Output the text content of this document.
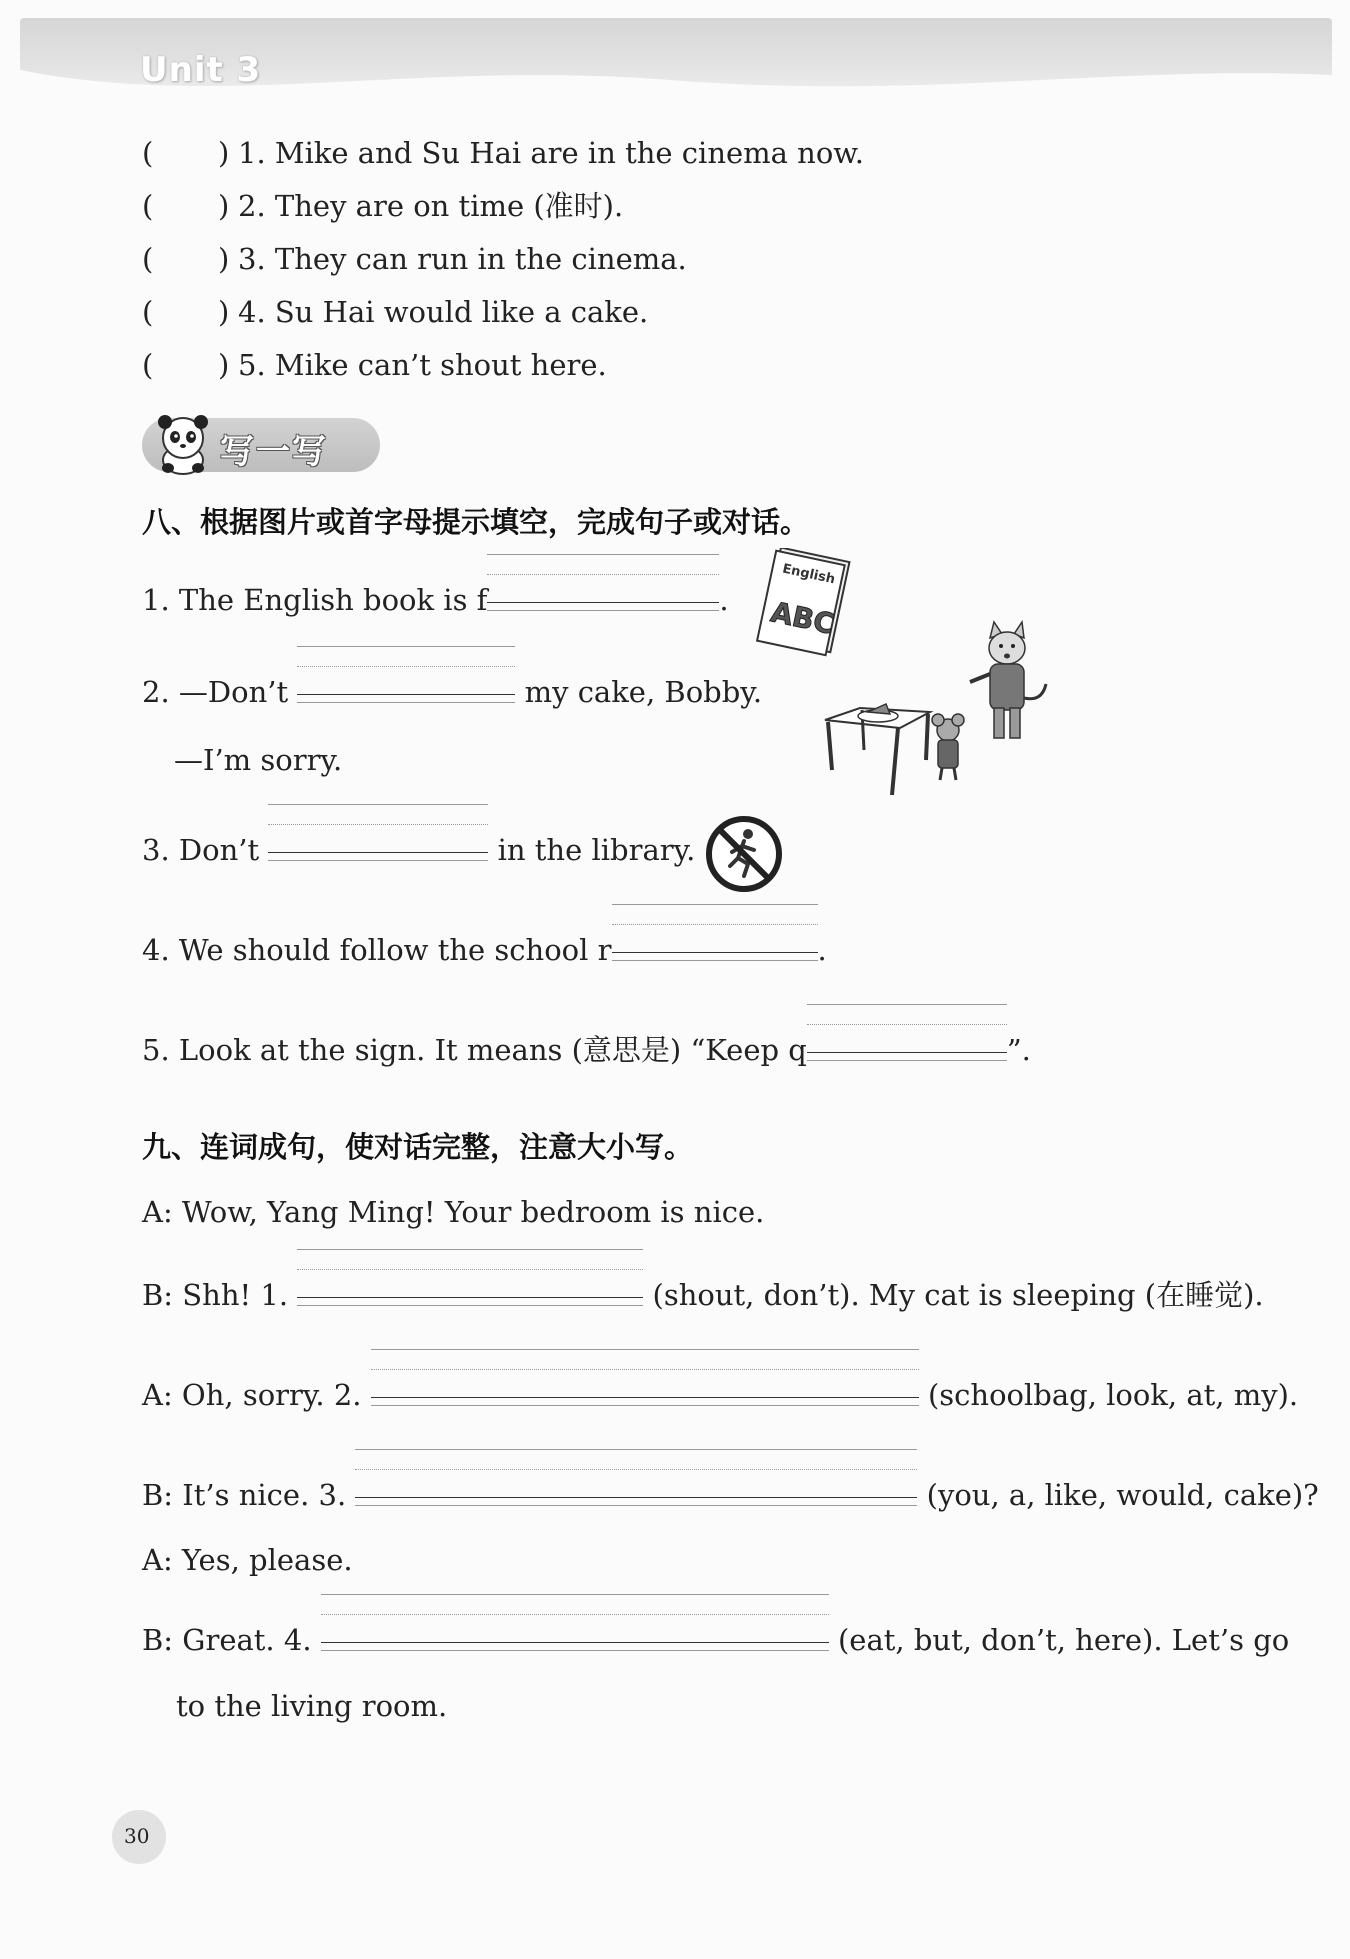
Unit 3
( ) 1. Mike and Su Hai are in the cinema now.
( ) 2. They are on time (准时).
( ) 3. They can run in the cinema.
( ) 4. Su Hai would like a cake.
( ) 5. Mike can’t shout here.
写一写
八、根据图片或首字母提示填空，完成句子或对话。
1. The English book is f	.
English
ABC
2. —Don’t	my cake, Bobby.
—I’m sorry.
3. Don’t	in the library.
4. We should follow the school r	.
5. Look at the sign. It means (意思是) “Keep q	”.
九、连词成句，使对话完整，注意大小写。
A: Wow, Yang Ming! Your bedroom is nice.
B: Shh! 1.	(shout, don’t). My cat is sleeping (在睡觉).
A: Oh, sorry. 2.	(schoolbag, look, at, my).
B: It’s nice. 3.	(you, a, like, would, cake)?
A: Yes, please.
B: Great. 4.	(eat, but, don’t, here). Let’s go
to the living room.
30
